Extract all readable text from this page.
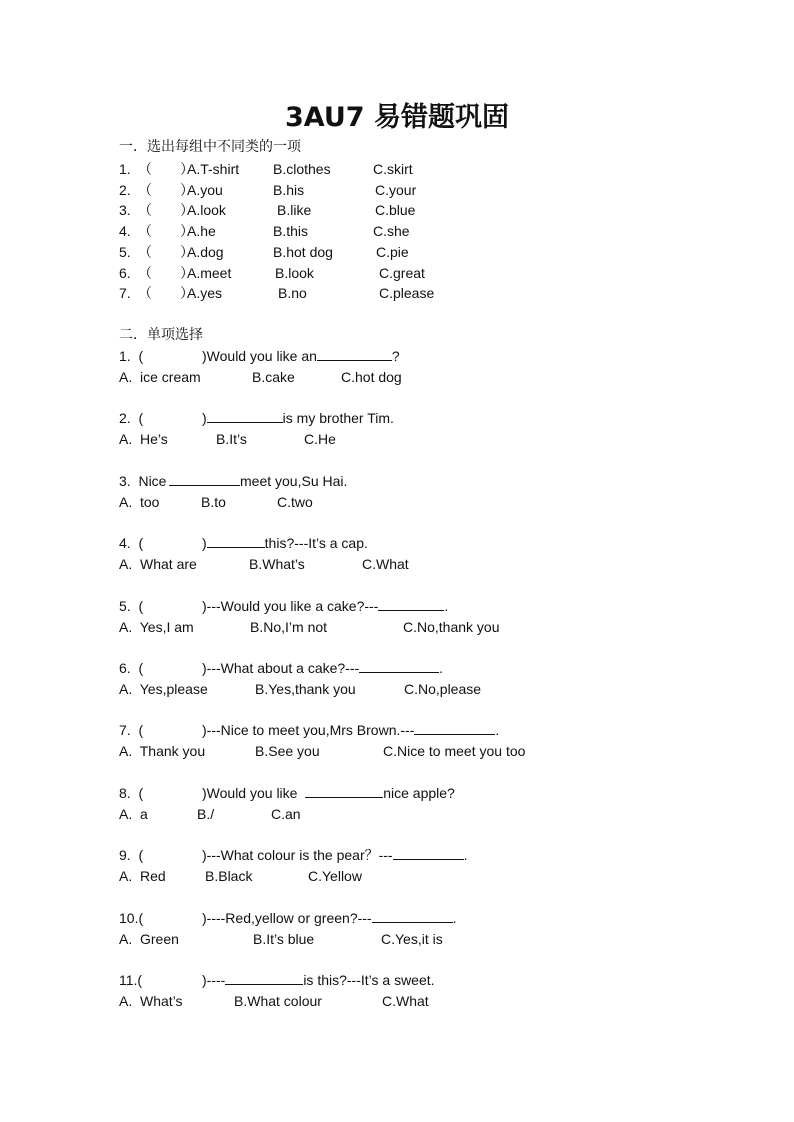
3AU7 易错题巩固
一．选出每组中不同类的一项
1. （　　）
A.T-shirt B.clothes	C.skirt
2. （　　）
A.you	B.his	C.your
3. （　　）
A.look	B.like	C.blue
4. （　　）
A.he	B.this	C.she
5. （　　）
A.dog	B.hot dog	C.pie
6. （　　）
A.meet	B.look	C.great
7. （　　）
A.yes	B.no	C.please
二．单项选择
1.  (	)Would you like an	?
A.  ice cream	B.cake	C.hot dog
2.  (	)	is my brother Tim.
A.  He’s	B.It’s	C.He
3.  Nice	meet you,Su Hai.
A.  too	B.to	C.two
4.  (	)	this?---It’s a cap.
A.  What are	B.What’s	C.What
5.  (	)---Would you like a cake?---	.
A.  Yes,I am	B.No,I’m not	C.No,thank you
6.  (	)---What about a cake?---	.
A.  Yes,please	B.Yes,thank you	C.No,please
7.  (	)---Nice to meet you,Mrs Brown.---	.
A.  Thank you	B.See you	C.Nice to meet you too
8.  (	)Would you like	nice apple?
A.  a	B./	C.an
9.  (	)---What colour is the pear？---	.
A.  Red	B.Black	C.Yellow
10.(	)----Red,yellow or green?---	.
A.  Green	B.It’s blue	C.Yes,it is
11.(	)----	is this?---It’s a sweet.
A.  What’s	B.What colour	C.What
